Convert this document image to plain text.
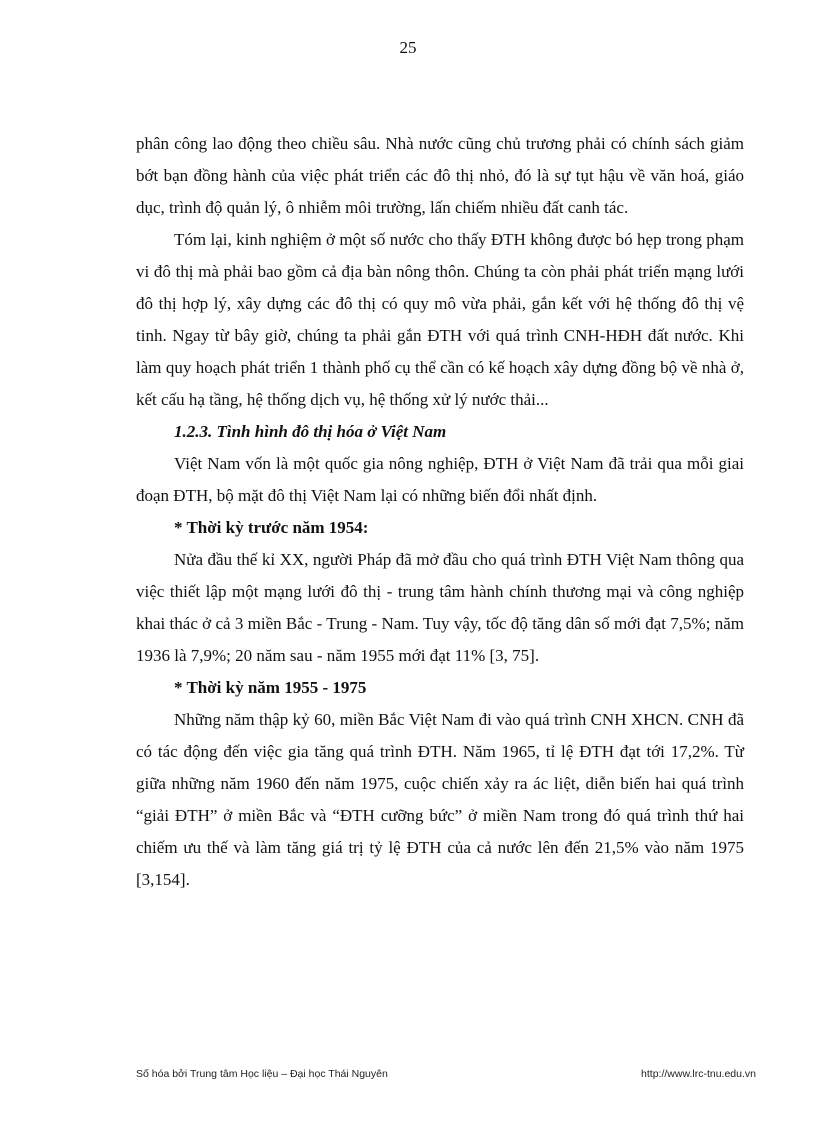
25

phân công lao động theo chiều sâu. Nhà nước cũng chủ trương phải có chính sách giảm bớt bạn đồng hành của việc phát triển các đô thị nhỏ, đó là sự tụt hậu về văn hoá, giáo dục, trình độ quản lý, ô nhiễm môi trường, lấn chiếm nhiều đất canh tác.

Tóm lại, kinh nghiệm ở một số nước cho thấy ĐTH không được bó hẹp trong phạm vi đô thị mà phải bao gồm cả địa bàn nông thôn. Chúng ta còn phải phát triển mạng lưới đô thị hợp lý, xây dựng các đô thị có quy mô vừa phải, gắn kết với hệ thống đô thị vệ tinh. Ngay từ bây giờ, chúng ta phải gắn ĐTH với quá trình CNH-HĐH đất nước. Khi làm quy hoạch phát triển 1 thành phố cụ thể cần có kế hoạch xây dựng đồng bộ về nhà ở, kết cấu hạ tầng, hệ thống dịch vụ, hệ thống xử lý nước thải...

1.2.3. Tình hình đô thị hóa ở Việt Nam

Việt Nam vốn là một quốc gia nông nghiệp, ĐTH ở Việt Nam đã trải qua mỗi giai đoạn ĐTH, bộ mặt đô thị Việt Nam lại có những biến đổi nhất định.

* Thời kỳ trước năm 1954:

Nửa đầu thế kỉ XX, người Pháp đã mở đầu cho quá trình ĐTH Việt Nam thông qua việc thiết lập một mạng lưới đô thị - trung tâm hành chính thương mại và công nghiệp khai thác ở cả 3 miền Bắc - Trung - Nam. Tuy vậy, tốc độ tăng dân số mới đạt 7,5%; năm 1936 là 7,9%; 20 năm sau - năm 1955 mới đạt 11% [3, 75].

* Thời kỳ năm 1955 - 1975

Những năm thập kỷ 60, miền Bắc Việt Nam đi vào quá trình CNH XHCN. CNH đã có tác động đến việc gia tăng quá trình ĐTH. Năm 1965, tỉ lệ ĐTH đạt tới 17,2%. Từ giữa những năm 1960 đến năm 1975, cuộc chiến xảy ra ác liệt, diễn biến hai quá trình “giải ĐTH” ở miền Bắc và “ĐTH cưỡng bức” ở miền Nam trong đó quá trình thứ hai chiếm ưu thế và làm tăng giá trị tỷ lệ ĐTH của cả nước lên đến 21,5% vào năm 1975 [3,154].

Số hóa bởi Trung tâm Học liệu – Đại học Thái Nguyên	http://www.lrc-tnu.edu.vn
